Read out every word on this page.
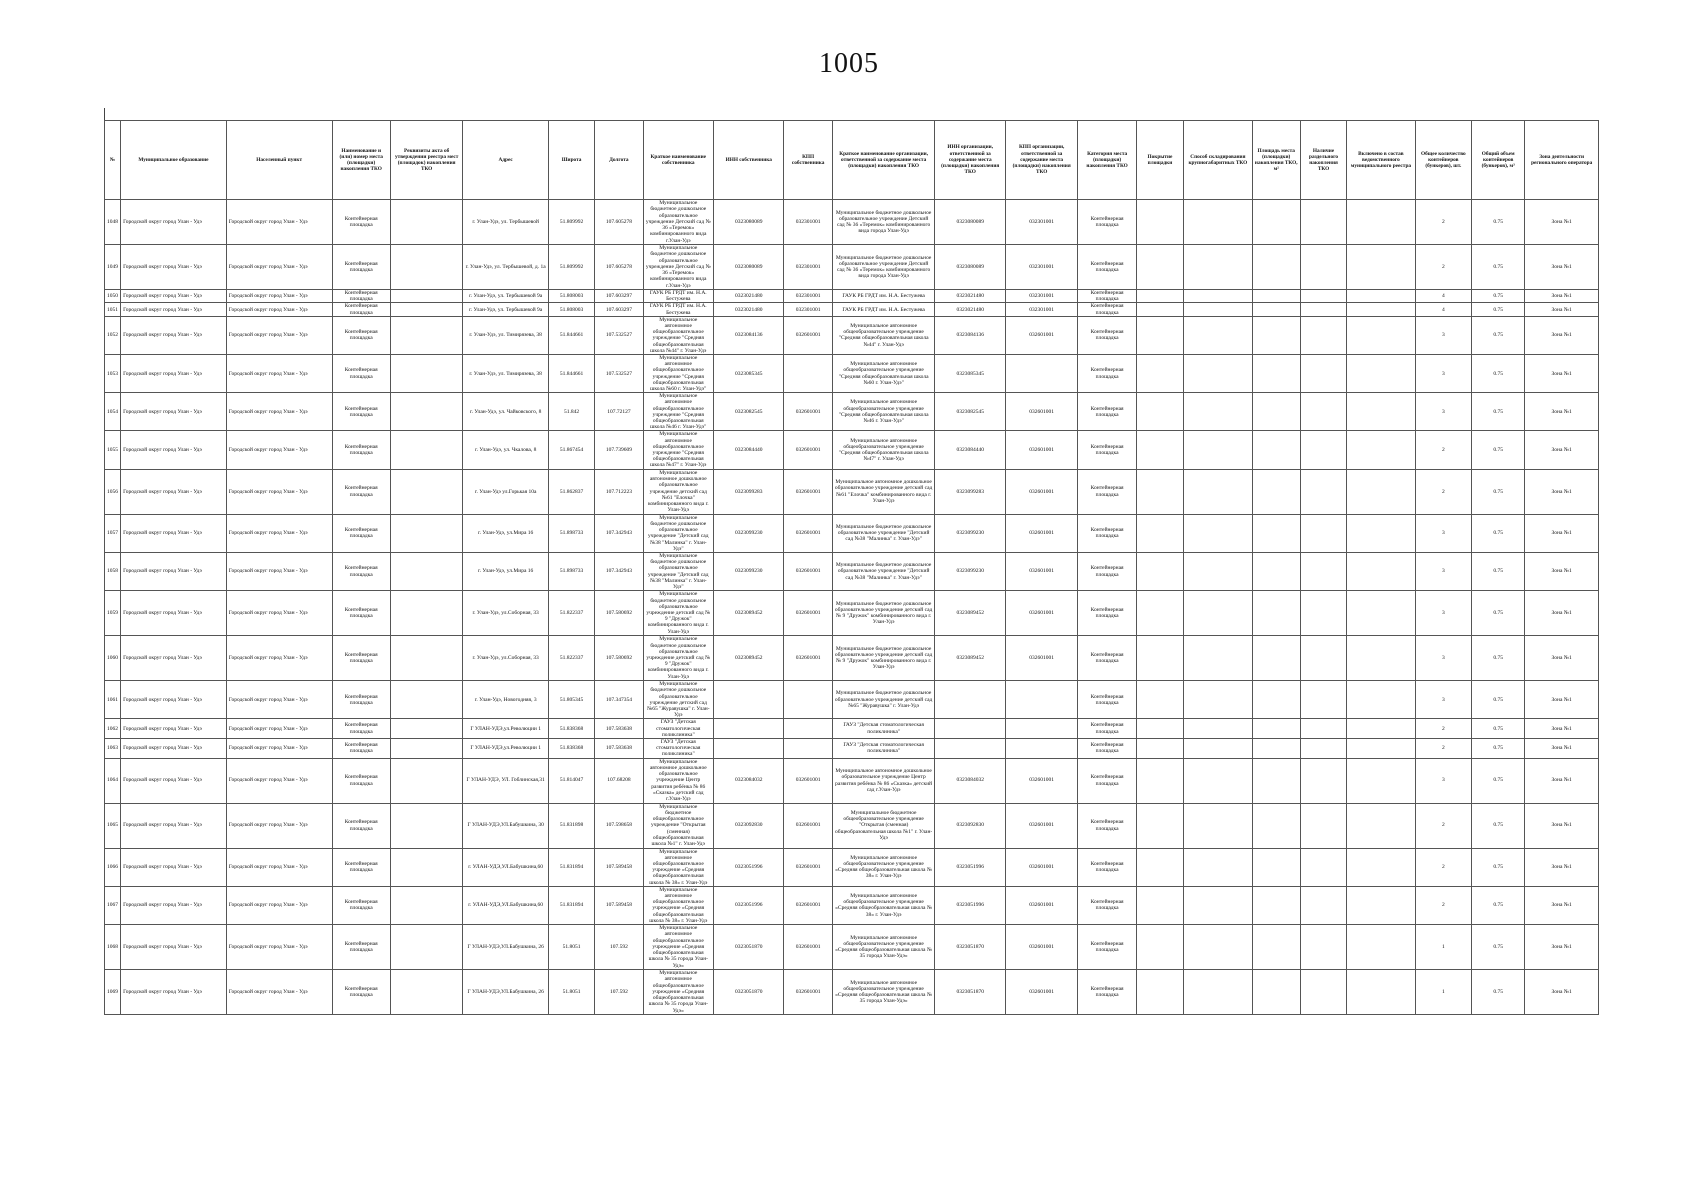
1005
№	Муниципальное образование	Населенный пункт	Наименование и (или) номер места (площадки) накопления ТКО	Реквизиты акта об утверждении реестра мест (площадок) накопления ТКО	Адрес	Широта	Долгота	Краткое наименование собственника	ИНН собственника	КПП собственника	Краткое наименование организации, ответственной за содержание места (площадки) накопления ТКО	ИНН организации, ответственной за содержание места (площадки) накопления ТКО	КПП организации, ответственной за содержание места (площадки) накопления ТКО	Категория места (площадки) накопления ТКО	Покрытие площадки	Способ складирования крупногабаритных ТКО	Площадь места (площадки) накопления ТКО, м²	Наличие раздельного накопления ТКО	Включено в состав ведомственного муниципального реестра	Общее количество контейнеров (бункеров), шт.	Общий объем контейнеров (бункеров), м³	Зона деятельности регионального оператора
1048	Городской округ город Улан - Удэ	Городской округ город Улан - Удэ	Контейнерная площадка		г. Улан-Удэ, ул. Тербышевой	51.809992	107.605278	Муниципальное бюджетное дошкольное образовательное учреждение Детский сад № 36 «Теремок» комбинированного вида г.Улан-Удэ	0323080089	032301001	Муниципальное бюджетное дошкольное образовательное учреждение Детский сад № 36 «Теремок» комбинированного вида города Улан-Удэ	0323080089	032301001	Контейнерная площадка						2	0.75	Зона №1
1049	Городской округ город Улан - Удэ	Городской округ город Улан - Удэ	Контейнерная площадка		г. Улан-Удэ, ул. Тербышевой, д. 1а	51.809992	107.605278	Муниципальное бюджетное дошкольное образовательное учреждение Детский сад № 36 «Теремок» комбинированного вида г.Улан-Удэ	0323080089	032301001	Муниципальное бюджетное дошкольное образовательное учреждение Детский сад № 36 «Теремок» комбинированного вида города Улан-Удэ	0323080089	032301001	Контейнерная площадка						2	0.75	Зона №1
1050	Городской округ город Улан - Удэ	Городской округ город Улан - Удэ	Контейнерная площадка		г. Улан-Удэ, ул. Тербышевой 9а	51.808003	107.603297	ГАУК РБ ГРДТ им. Н.А. Бестужева	0323021480	032301001	ГАУК РБ ГРДТ им. Н.А. Бестужева	0323021480	032301001	Контейнерная площадка						4	0.75	Зона №1
1051	Городской округ город Улан - Удэ	Городской округ город Улан - Удэ	Контейнерная площадка		г. Улан-Удэ, ул. Тербышевой 9а	51.808003	107.603297	ГАУК РБ ГРДТ им. Н.А. Бестужева	0323021480	032301001	ГАУК РБ ГРДТ им. Н.А. Бестужева	0323021480	032301001	Контейнерная площадка						4	0.75	Зона №1
1052	Городской округ город Улан - Удэ	Городской округ город Улан - Удэ	Контейнерная площадка		г. Улан-Удэ, ул. Тимирязева, 38	51.844661	107.532527	Муниципальное автономное общеобразовательное учреждение "Средняя общеобразовательная школа №44" г. Улан-Удэ	0323084136	032601001	Муниципальное автономное общеобразовательное учреждение "Средняя общеобразовательная школа №44" г. Улан-Удэ	0323084136	032601001	Контейнерная площадка						3	0.75	Зона №1
1053	Городской округ город Улан - Удэ	Городской округ город Улан - Удэ	Контейнерная площадка		г. Улан-Удэ, ул. Тимирязева, 38	51.844661	107.532527	Муниципальное автономное общеобразовательное учреждение "Средняя общеобразовательная школа №60 г. Улан-Удэ"	0323085345		Муниципальное автономное общеобразовательное учреждение "Средняя общеобразовательная школа №60 г. Улан-Удэ"	0323085345		Контейнерная площадка						3	0.75	Зона №1
1054	Городской округ город Улан - Удэ	Городской округ город Улан - Удэ	Контейнерная площадка		г. Улан-Удэ, ул. Чайковского, 8	51.842	107.72127	Муниципальное автономное общеобразовательное учреждение "Средняя общеобразовательная школа №46 г. Улан-Удэ"	0323082545	032601001	Муниципальное автономное общеобразовательное учреждение "Средняя общеобразовательная школа №46 г. Улан-Удэ"	0323082545	032601001	Контейнерная площадка						3	0.75	Зона №1
1055	Городской округ город Улан - Удэ	Городской округ город Улан - Удэ	Контейнерная площадка		г. Улан-Удэ, ул. Чкалова, 8	51.867454	107.739609	Муниципальное автономное общеобразовательное учреждение "Средняя общеобразовательная школа №47" г. Улан-Удэ	0323084440	032601001	Муниципальное автономное общеобразовательное учреждение "Средняя общеобразовательная школа №47" г. Улан-Удэ	0323084440	032601001	Контейнерная площадка						2	0.75	Зона №1
1056	Городской округ город Улан - Удэ	Городской округ город Улан - Удэ	Контейнерная площадка		г. Улан-Удэ ул.Горькая 10а	51.862837	107.712223	Муниципальное автономное дошкольное образовательное учреждение детский сад №61 "Елочка" комбинированного вида г. Улан-Удэ	0323099283	032601001	Муниципальное автономное дошкольное образовательное учреждение детский сад №61 "Елочка" комбинированного вида г. Улан-Удэ	0323099283	032601001	Контейнерная площадка						2	0.75	Зона №1
1057	Городской округ город Улан - Удэ	Городской округ город Улан - Удэ	Контейнерная площадка		г. Улан-Удэ, ул.Мира 16	51.898733	107.342943	Муниципальное бюджетное дошкольное образовательное учреждение "Детский сад №38 "Малинка" г. Улан-Удэ"	0323099230	032601001	Муниципальное бюджетное дошкольное образовательное учреждение "Детский сад №38 "Малинка" г. Улан-Удэ"	0323099230	032601001	Контейнерная площадка						3	0.75	Зона №1
1058	Городской округ город Улан - Удэ	Городской округ город Улан - Удэ	Контейнерная площадка		г. Улан-Удэ, ул.Мира 16	51.898733	107.342943	Муниципальное бюджетное дошкольное образовательное учреждение "Детский сад №38 "Малинка" г. Улан-Удэ"	0323099230	032601001	Муниципальное бюджетное дошкольное образовательное учреждение "Детский сад №38 "Малинка" г. Улан-Удэ"	0323099230	032601001	Контейнерная площадка						3	0.75	Зона №1
1059	Городской округ город Улан - Удэ	Городской округ город Улан - Удэ	Контейнерная площадка		г. Улан-Удэ, ул.Соборная, 33	51.822337	107.580692	Муниципальное бюджетное дошкольное образовательное учреждение детский сад № 9 "Дружок" комбинированного вида г. Улан-Удэ	0323089452	032601001	Муниципальное бюджетное дошкольное образовательное учреждение детский сад № 9 "Дружок" комбинированного вида г. Улан-Удэ	0323089452	032601001	Контейнерная площадка						3	0.75	Зона №1
1060	Городской округ город Улан - Удэ	Городской округ город Улан - Удэ	Контейнерная площадка		г. Улан-Удэ, ул.Соборная, 33	51.822337	107.580692	Муниципальное бюджетное дошкольное образовательное учреждение детский сад № 9 "Дружок" комбинированного вида г. Улан-Удэ	0323089452	032601001	Муниципальное бюджетное дошкольное образовательное учреждение детский сад № 9 "Дружок" комбинированного вида г. Улан-Удэ	0323089452	032601001	Контейнерная площадка						3	0.75	Зона №1
1061	Городской округ город Улан - Удэ	Городской округ город Улан - Удэ	Контейнерная площадка		г. Улан-Удэ, Новогодняя, 3	51.805345	107.347354	Муниципальное бюджетное дошкольное образовательное учреждение детский сад №65 "Журавушка" г. Улан-Удэ			Муниципальное бюджетное дошкольное образовательное учреждение детский сад №65 "Журавушка" г. Улан-Удэ			Контейнерная площадка						3	0.75	Зона №1
1062	Городской округ город Улан - Удэ	Городской округ город Улан - Удэ	Контейнерная площадка		Г УЛАН-УДЭ,ул.Революции 1	51.838368	107.583638	ГАУЗ "Детская стоматологическая поликлиника"			ГАУЗ "Детская стоматологическая поликлиника"			Контейнерная площадка						2	0.75	Зона №1
1063	Городской округ город Улан - Удэ	Городской округ город Улан - Удэ	Контейнерная площадка		Г УЛАН-УДЭ,ул.Революции 1	51.838368	107.583638	ГАУЗ "Детская стоматологическая поликлиника"			ГАУЗ "Детская стоматологическая поликлиника"			Контейнерная площадка						2	0.75	Зона №1
1064	Городской округ город Улан - Удэ	Городской округ город Улан - Удэ	Контейнерная площадка		Г УЛАН-УДЭ, УЛ. Гоблинская,31	51.814047	107.68208	Муниципальное автономное дошкольное образовательное учреждение Центр развития ребёнка № 86 «Сказка» детский сад г.Улан-Удэ	0323084032	032601001	Муниципальное автономное дошкольное образовательное учреждение Центр развития ребёнка № 86 «Сказка» детский сад г.Улан-Удэ	0323084032	032601001	Контейнерная площадка						3	0.75	Зона №1
1065	Городской округ город Улан - Удэ	Городской округ город Улан - Удэ	Контейнерная площадка		Г УЛАН-УДЭ,УЛ.Бабушкина, 30	51.831898	107.598658	Муниципальное бюджетное общеобразовательное учреждение "Открытая (сменная) общеобразовательная школа №1" г. Улан-Удэ	0323092830	032601001	Муниципальное бюджетное общеобразовательное учреждение "Открытая (сменная) общеобразовательная школа №1" г. Улан-Удэ	0323092830	032601001	Контейнерная площадка						2	0.75	Зона №1
1066	Городской округ город Улан - Удэ	Городской округ город Улан - Удэ	Контейнерная площадка		г. УЛАН-УДЭ,УЛ.Бабушкина,60	51.831894	107.589458	Муниципальное автономное общеобразовательное учреждение «Средняя общеобразовательная школа № 38» г. Улан-Удэ	0323051996	032601001	Муниципальное автономное общеобразовательное учреждение «Средняя общеобразовательная школа № 38» г. Улан-Удэ	0323051996	032601001	Контейнерная площадка						2	0.75	Зона №1
1067	Городской округ город Улан - Удэ	Городской округ город Улан - Удэ	Контейнерная площадка		г. УЛАН-УДЭ,УЛ.Бабушкина,60	51.831894	107.589458	Муниципальное автономное общеобразовательное учреждение «Средняя общеобразовательная школа № 38» г. Улан-Удэ	0323051996	032601001	Муниципальное автономное общеобразовательное учреждение «Средняя общеобразовательная школа № 38» г. Улан-Удэ	0323051996	032601001	Контейнерная площадка						2	0.75	Зона №1
1068	Городской округ город Улан - Удэ	Городской округ город Улан - Удэ	Контейнерная площадка		Г УЛАН-УДЭ,УЛ.Бабушкина, 26	51.8051	107.592	Муниципальное автономное общеобразовательное учреждение «Средняя общеобразовательная школа № 35 города Улан-Удэ»	0323051870	032601001	Муниципальное автономное общеобразовательное учреждение «Средняя общеобразовательная школа № 35 города Улан-Удэ»	0323051870	032601001	Контейнерная площадка						1	0.75	Зона №1
1069	Городской округ город Улан - Удэ	Городской округ город Улан - Удэ	Контейнерная площадка		Г УЛАН-УДЭ,УЛ.Бабушкина, 26	51.8051	107.592	Муниципальное автономное общеобразовательное учреждение «Средняя общеобразовательная школа № 35 города Улан-Удэ»	0323051870	032601001	Муниципальное автономное общеобразовательное учреждение «Средняя общеобразовательная школа № 35 города Улан-Удэ»	0323051870	032601001	Контейнерная площадка						1	0.75	Зона №1
